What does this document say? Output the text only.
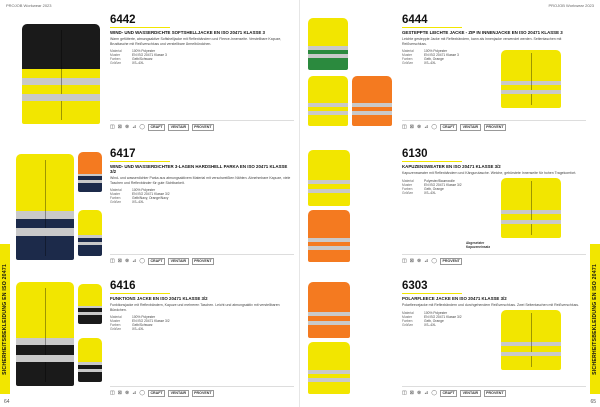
PROJOB Workwear 2023
SICHERHEITSBEKLEIDUNG EN ISO 20471
64
6442
WIND- UND WASSERDICHTE SOFTSHELLJACKE EN ISO 20471 KLASSE 3
Warm gefütterte, atmungsaktive Softshelljacke mit Reflexbändern und Fleece-Innenseite. Verstellbare Kapuze, Brusttasche mit Reißverschluss und verstellbare Ärmelbündchen.
Material	100% Polyester
Muster	EN ISO 20471 Klasse 3
Farben	Gelb/Schwarz
Größen	XS–4XL
◫ ⊠ ⊗ ⊿ ◯	CRAFT	VENTAIR	PROVENT
6417
WIND- UND WASSERDICHTER 3-LAGEN HARDSHELL PARKA EN ISO 20471 KLASSE 3/2
Wind- und wasserdichter Parka aus atmungsaktivem Material mit verschweißten Nähten. Abnehmbare Kapuze, viele Taschen und Reflexbänder für gute Sichtbarkeit.
Material	100% Polyester
Muster	EN ISO 20471 Klasse 3/2
Farben	Gelb/Navy, Orange/Navy
Größen	XS–4XL
◫ ⊠ ⊗ ⊿ ◯	CRAFT	VENTAIR	PROVENT
6416
FUNKTIONS JACKE EN ISO 20471 KLASSE 3/2
Funktionsjacke mit Reflexbändern, Kapuze und mehreren Taschen. Leicht und atmungsaktiv mit verstellbaren Bündchen.
Material	100% Polyester
Muster	EN ISO 20471 Klasse 3/2
Farben	Gelb/Schwarz
Größen	XS–4XL
◫ ⊠ ⊗ ⊿ ◯	CRAFT	VENTAIR	PROVENT
PROJOB Workwear 2023
SICHERHEITSBEKLEIDUNG EN ISO 20471
65
6444
GESTEPPTE LEICHTE JACKE - ZIP IN INNENJACKE EN ISO 20471 KLASSE 3
Leichte gesteppte Jacke mit Reflexbändern, kann als Innenjacke verwendet werden. Seitentaschen mit Reißverschluss.
Material	100% Polyester
Muster	EN ISO 20471 Klasse 3
Farben	Gelb, Orange
Größen	XS–4XL
◫ ⊠ ⊗ ⊿ ◯	CRAFT	VENTAIR	PROVENT
6130
KAPUZENSWEATER EN ISO 20471 KLASSE 3/2
Kapuzensweater mit Reflexbändern und Kängurutasche. Weiche, gebürstete Innenseite für hohen Tragekomfort.
Material	Polyester/Baumwolle
Muster	EN ISO 20471 Klasse 3/2
Farben	Gelb, Orange
Größen	XS–4XL
Abgesetzter Kapuzeneinsatz
◫ ⊠ ⊗ ⊿ ◯	PROVENT
6303
POLARFLEECE JACKE EN ISO 20471 KLASSE 3/2
Polarfleecejacke mit Reflexbändern und durchgehendem Reißverschluss. Zwei Seitentaschen mit Reißverschluss.
Material	100% Polyester
Muster	EN ISO 20471 Klasse 3/2
Farben	Gelb, Orange
Größen	XS–4XL
◫ ⊠ ⊗ ⊿ ◯	CRAFT	VENTAIR	PROVENT
